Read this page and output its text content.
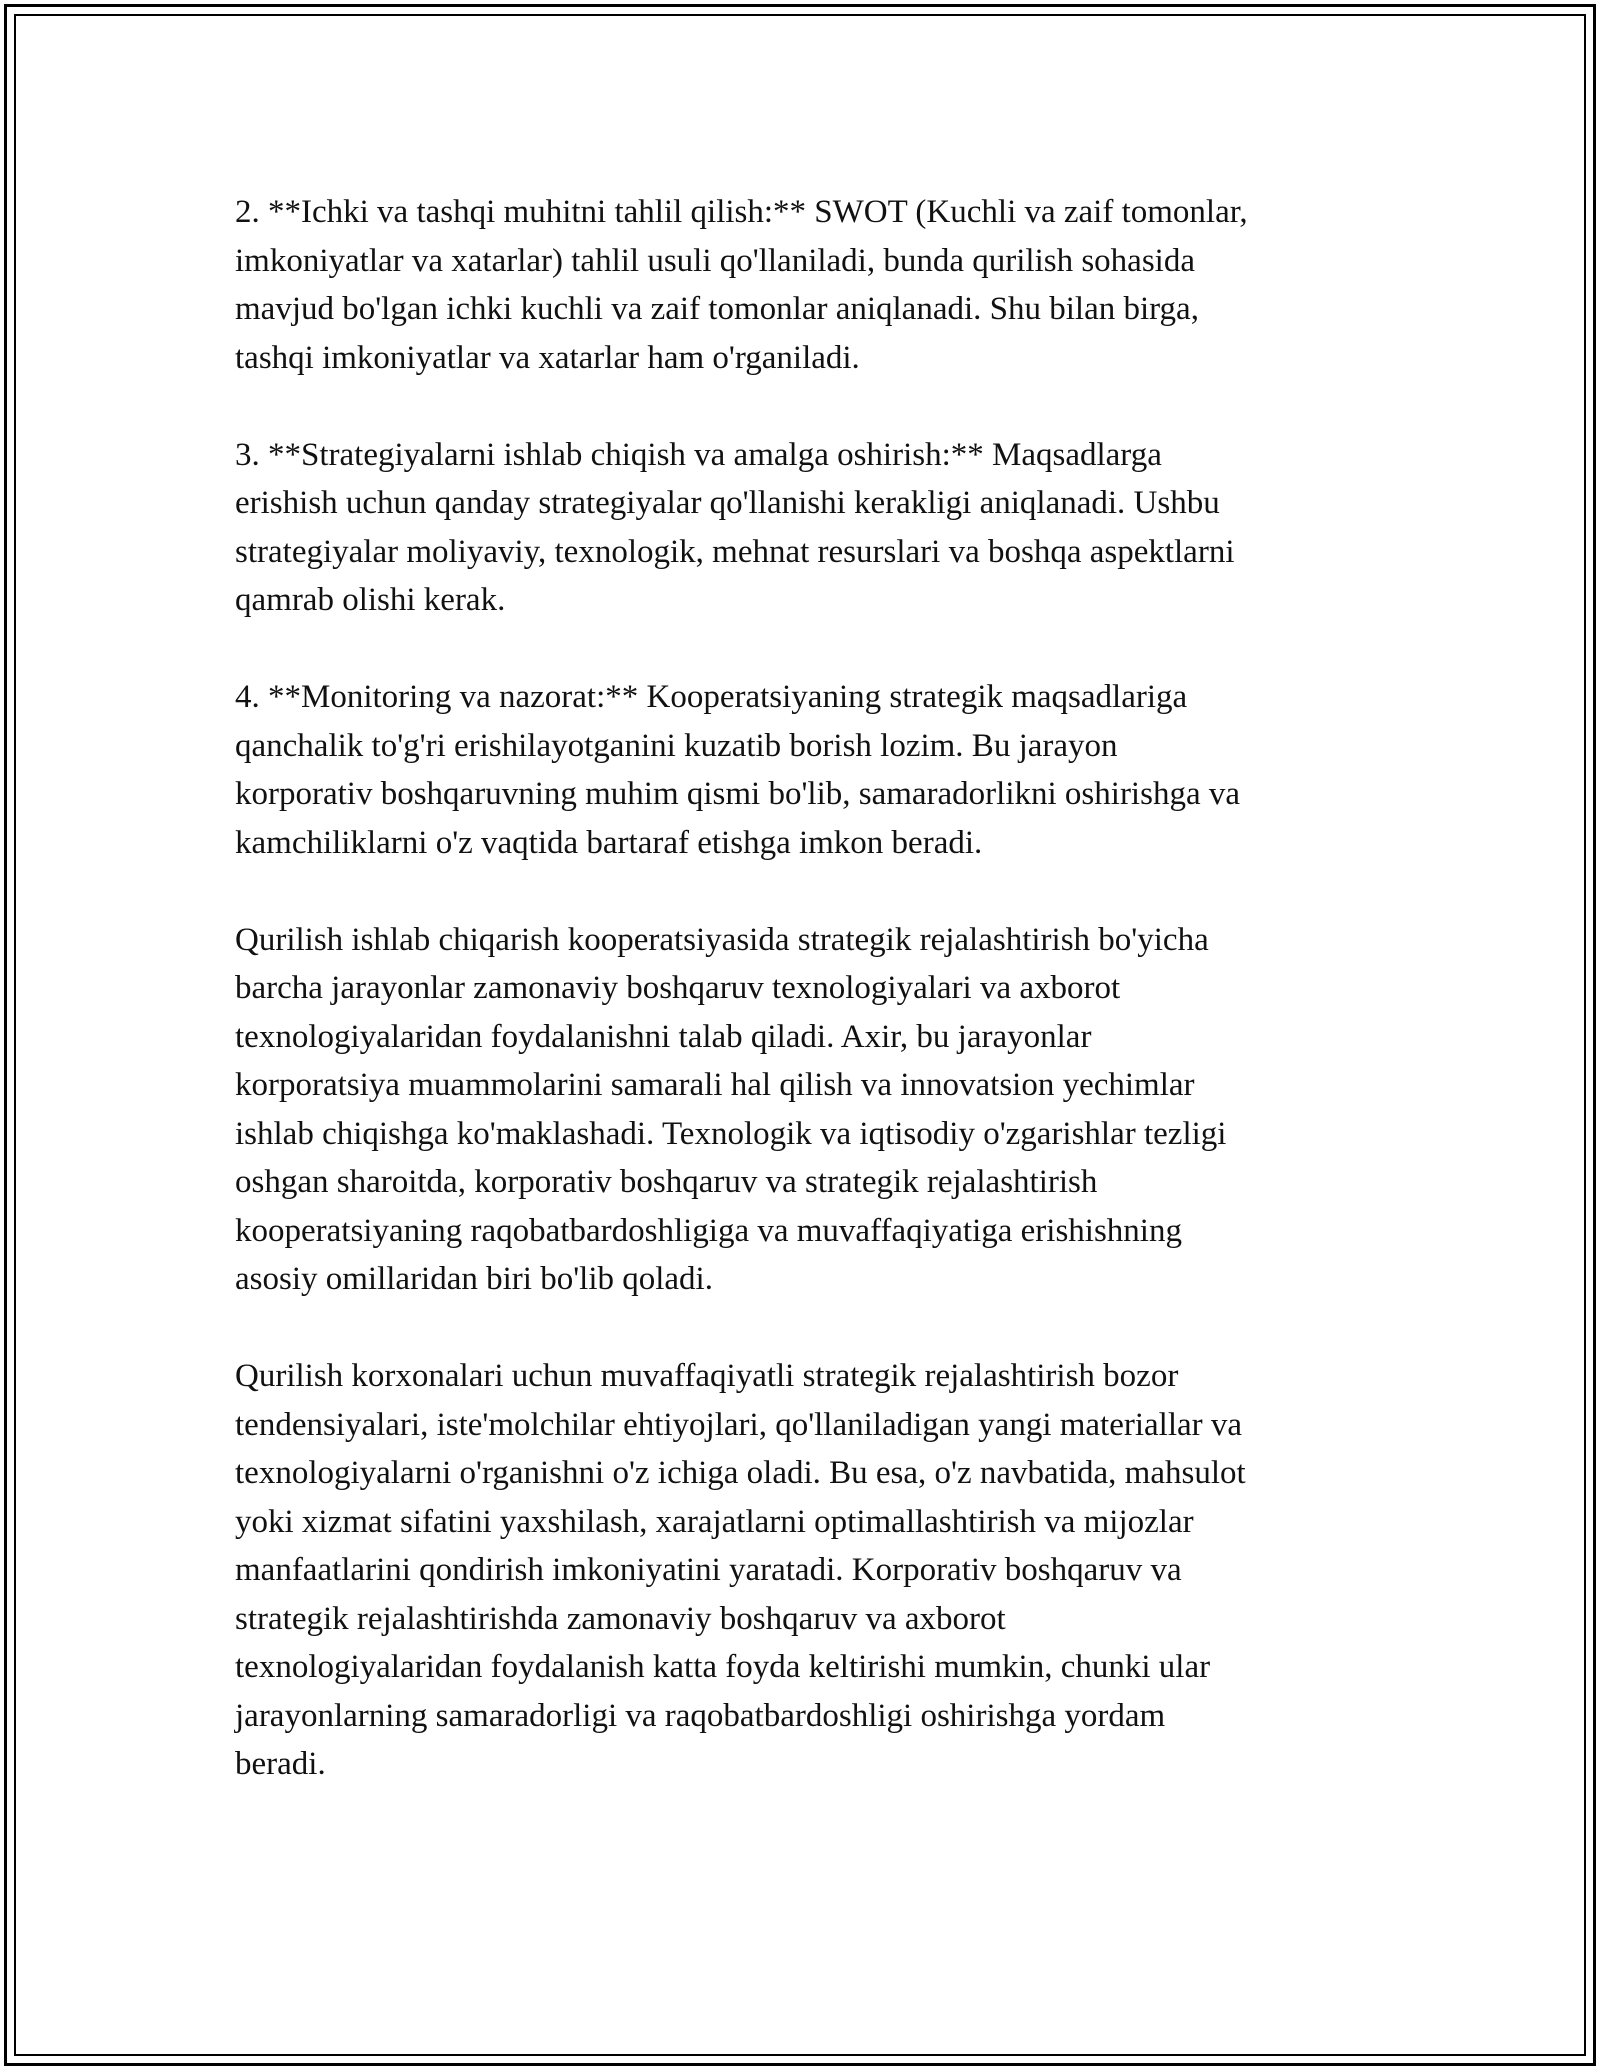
2. **Ichki va tashqi muhitni tahlil qilish:** SWOT (Kuchli va zaif tomonlar,
imkoniyatlar va xatarlar) tahlil usuli qo'llaniladi, bunda qurilish sohasida
mavjud bo'lgan ichki kuchli va zaif tomonlar aniqlanadi. Shu bilan birga,
tashqi imkoniyatlar va xatarlar ham o'rganiladi.

3. **Strategiyalarni ishlab chiqish va amalga oshirish:** Maqsadlarga
erishish uchun qanday strategiyalar qo'llanishi kerakligi aniqlanadi. Ushbu
strategiyalar moliyaviy, texnologik, mehnat resurslari va boshqa aspektlarni
qamrab olishi kerak.

4. **Monitoring va nazorat:** Kooperatsiyaning strategik maqsadlariga
qanchalik to'g'ri erishilayotganini kuzatib borish lozim. Bu jarayon
korporativ boshqaruvning muhim qismi bo'lib, samaradorlikni oshirishga va
kamchiliklarni o'z vaqtida bartaraf etishga imkon beradi.

Qurilish ishlab chiqarish kooperatsiyasida strategik rejalashtirish bo'yicha
barcha jarayonlar zamonaviy boshqaruv texnologiyalari va axborot
texnologiyalaridan foydalanishni talab qiladi. Axir, bu jarayonlar
korporatsiya muammolarini samarali hal qilish va innovatsion yechimlar
ishlab chiqishga ko'maklashadi. Texnologik va iqtisodiy o'zgarishlar tezligi
oshgan sharoitda, korporativ boshqaruv va strategik rejalashtirish
kooperatsiyaning raqobatbardoshligiga va muvaffaqiyatiga erishishning
asosiy omillaridan biri bo'lib qoladi.

Qurilish korxonalari uchun muvaffaqiyatli strategik rejalashtirish bozor
tendensiyalari, iste'molchilar ehtiyojlari, qo'llaniladigan yangi materiallar va
texnologiyalarni o'rganishni o'z ichiga oladi. Bu esa, o'z navbatida, mahsulot
yoki xizmat sifatini yaxshilash, xarajatlarni optimallashtirish va mijozlar
manfaatlarini qondirish imkoniyatini yaratadi. Korporativ boshqaruv va
strategik rejalashtirishda zamonaviy boshqaruv va axborot
texnologiyalaridan foydalanish katta foyda keltirishi mumkin, chunki ular
jarayonlarning samaradorligi va raqobatbardoshligi oshirishga yordam
beradi.
